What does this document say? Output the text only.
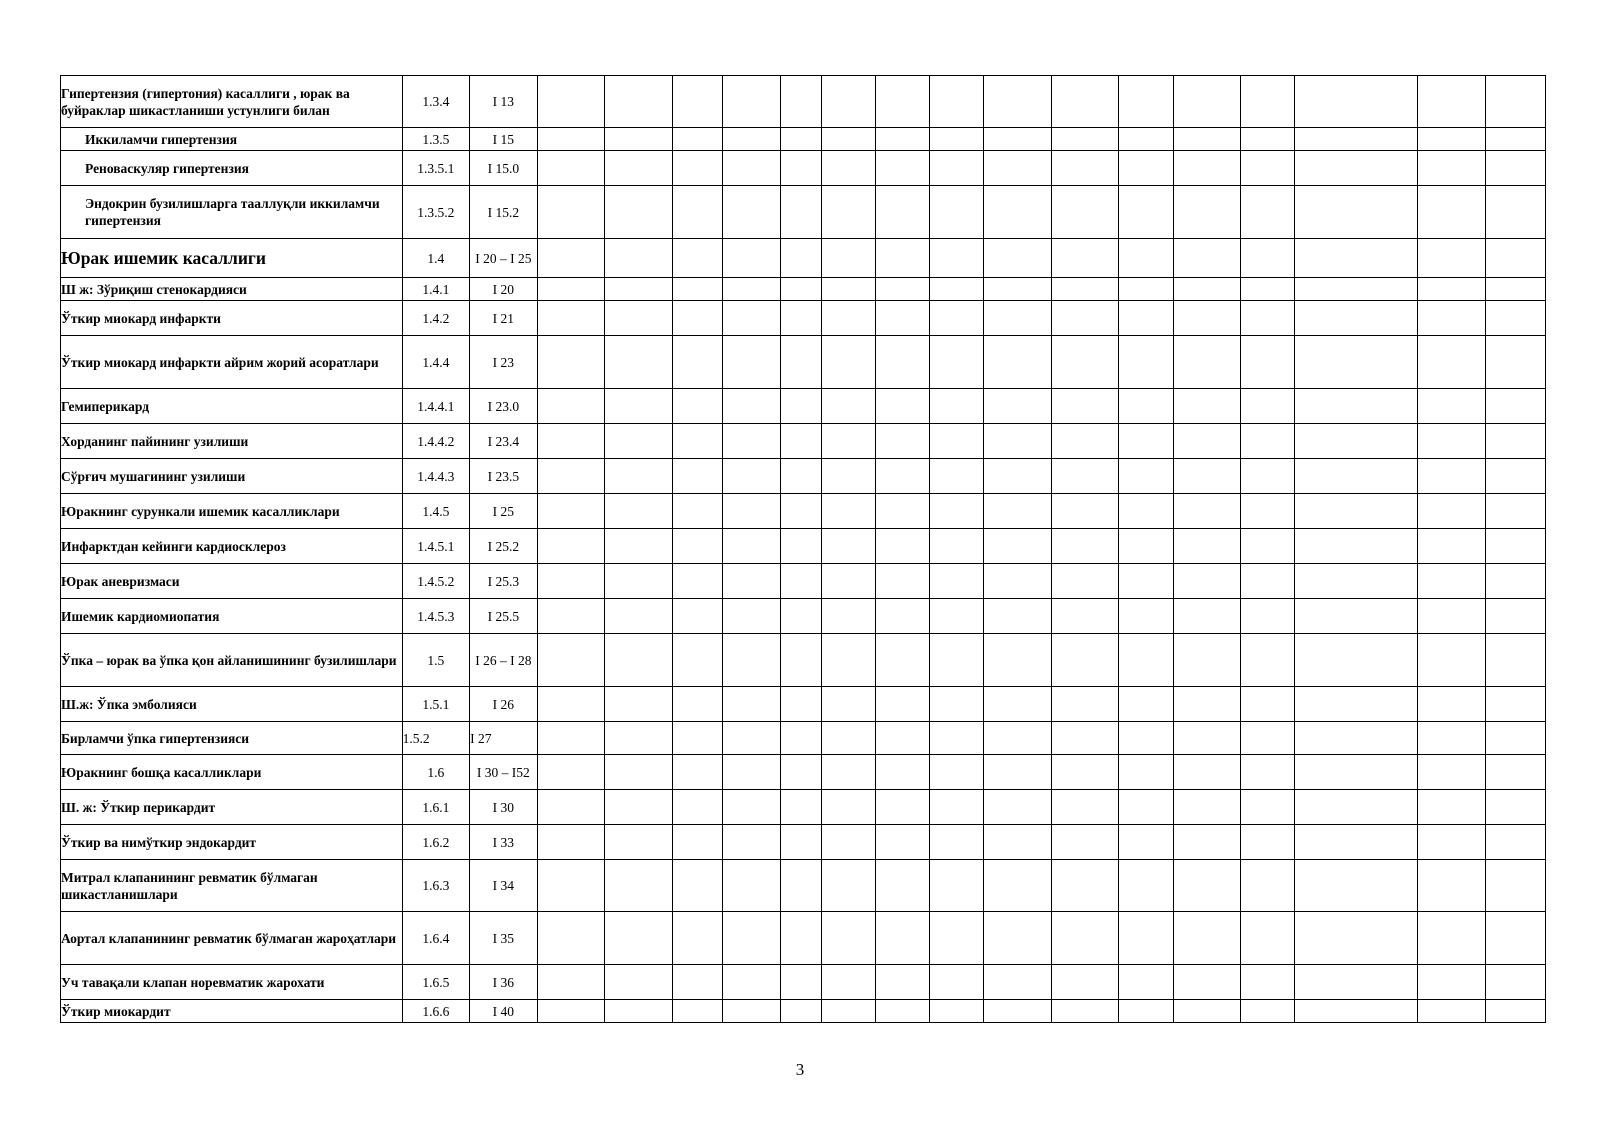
Гипертензия (гипертония) касаллиги , юрак ва буйраклар шикастланиши устунлиги билан	1.3.4	I 13																
Иккиламчи гипертензия	1.3.5	I 15																
Реноваскуляр гипертензия	1.3.5.1	I 15.0																
Эндокрин бузилишларга тааллуқли иккиламчи гипертензия	1.3.5.2	I 15.2																
Юрак ишемик касаллиги	1.4	I 20 – I 25																
Ш ж: Зўриқиш стенокардияси	1.4.1	I 20																
Ўткир миокард инфаркти	1.4.2	I 21																
Ўткир миокард инфаркти айрим жорий асоратлари	1.4.4	I 23																
Гемиперикард	1.4.4.1	I 23.0																
Хорданинг пайининг узилиши	1.4.4.2	I 23.4																
Сўрғич мушагининг узилиши	1.4.4.3	I 23.5																
Юракнинг сурункали ишемик касалликлари	1.4.5	I 25																
Инфарктдан кейинги кардиосклероз	1.4.5.1	I 25.2																
Юрак аневризмаси	1.4.5.2	I 25.3																
Ишемик кардиомиопатия	1.4.5.3	I 25.5																
Ўпка – юрак ва ўпка қон айланишининг бузилишлари	1.5	I 26 – I 28																
Ш.ж: Ўпка эмболияси	1.5.1	I 26																
Бирламчи ўпка гипертензияси	1.5.2	I 27																
Юракнинг бошқа касалликлари	1.6	I 30 – I52																
Ш. ж: Ўткир перикардит	1.6.1	I 30																
Ўткир ва нимўткир эндокардит	1.6.2	I 33																
Митрал клапанининг ревматик бўлмаган шикастланишлари	1.6.3	I 34																
Аортал клапанининг ревматик бўлмаган жароҳатлари	1.6.4	I 35																
Уч тавақали клапан норевматик жарохати	1.6.5	I 36																
Ўткир миокардит	1.6.6	I 40																
3
